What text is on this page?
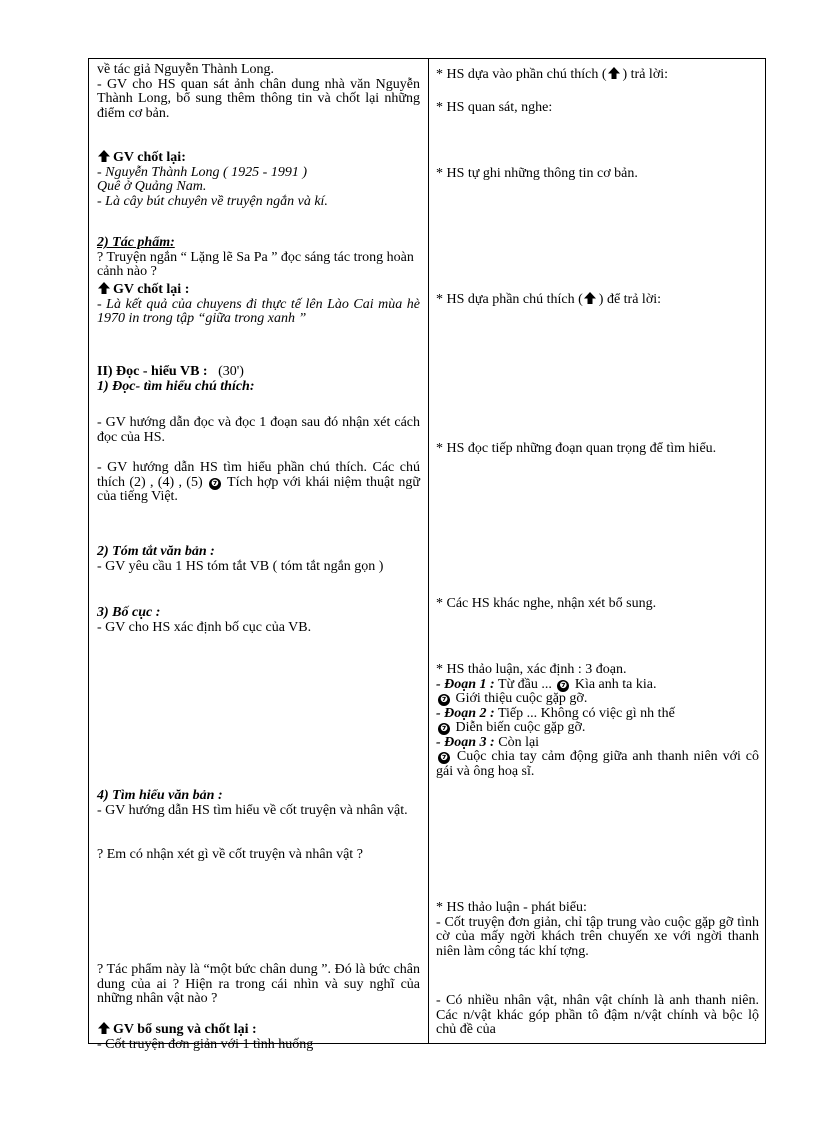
về tác giả Nguyễn Thành Long.

- GV cho HS quan sát ảnh chân dung nhà văn Nguyễn Thành Long, bổ sung thêm thông tin và chốt lại những điểm cơ bản.

GV chốt lại:

- Nguyễn Thành Long ( 1925 - 1991 )

Quê ở Quảng Nam.

- Là cây bút chuyên về truyện ngắn và kí.

2) Tác phẩm:

? Truyện ngắn “ Lặng lẽ Sa Pa ” đọc sáng tác trong hoàn cảnh nào ?

GV chốt lại :

- Là kết quả của chuyens đi thực tế lên Lào Cai mùa hè 1970 in trong tập “giữa trong xanh ”

II) Đọc - hiểu VB : (30')

1) Đọc- tìm hiểu chú thích:

- GV hướng dẫn đọc và đọc 1 đoạn sau đó nhận xét cách đọc của HS.

- GV hướng dẫn HS tìm hiểu phần chú thích. Các chú thích (2) , (4) , (5) ❼ Tích hợp với khái niệm thuật ngữ của tiếng Việt.

2) Tóm tắt văn bản :

- GV yêu cầu 1 HS tóm tắt VB ( tóm tắt ngắn gọn )

3) Bố cục :

- GV cho HS xác định bố cục của VB.

4) Tìm hiểu văn bản :

- GV hướng dẫn HS tìm hiểu về cốt truyện và nhân vật.

? Em có nhận xét gì về cốt truyện và nhân vật ?

? Tác phẩm này là “một bức chân dung ”. Đó là bức chân dung của ai ? Hiện ra trong cái nhìn và suy nghĩ của những nhân vật nào ?

GV bổ sung và chốt lại :

- Cốt truyện đơn giản với 1 tình huống

* HS dựa vào phần chú thích ( ) trả lời:

* HS quan sát, nghe:

* HS tự ghi những thông tin cơ bản.

* HS dựa phần chú thích ( ) để trả lời:

* HS đọc tiếp những đoạn quan trọng để tìm hiểu.

* Các HS khác nghe, nhận xét bổ sung.

* HS thảo luận, xác định : 3 đoạn.

- Đoạn 1 : Từ đầu ... ❼ Kìa anh ta kia.

❼ Giới thiệu cuộc gặp gỡ.

- Đoạn 2 : Tiếp ... Không có việc gì nh thế

❼ Diễn biến cuộc gặp gỡ.

- Đoạn 3 : Còn lại

❼ Cuộc chia tay cảm động giữa anh thanh niên với cô gái và ông hoạ sĩ.

* HS thảo luận - phát biểu:

- Cốt truyện đơn giản, chỉ tập trung vào cuộc gặp gỡ tình cờ của mấy ngời khách trên chuyến xe với ngời thanh niên làm công tác khí tợng.

- Có nhiều nhân vật, nhân vật chính là anh thanh niên. Các n/vật khác góp phần tô đậm n/vật chính và bộc lộ chủ đề của
